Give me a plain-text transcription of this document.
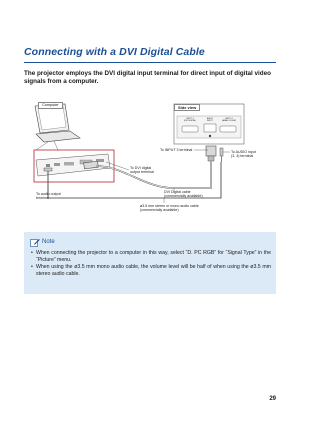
Connecting with a DVI Digital Cable
The projector employs the DVI digital input terminal for direct input of digital video signals from a computer.
Computer	Side view
INPUT 3
(DVI DIGITAL)
AUDIO
INPUT
INPUT 4
(ANALOG RGB)
To DVI digital
output terminal
To INPUT 3 terminal	To AUDIO input
(3, 4) terminal
To audio output
terminal
DVI Digital cable
(commercially available)
ø3.5 mm stereo or mono audio cable
(commercially available)
Note
• When connecting the projector to a computer in this way, select “D. PC RGB” for “Signal Type” in the “Picture” menu.
• When using the ø3.5 mm mono audio cable, the volume level will be half of when using the ø3.5 mm stereo audio cable.
29
